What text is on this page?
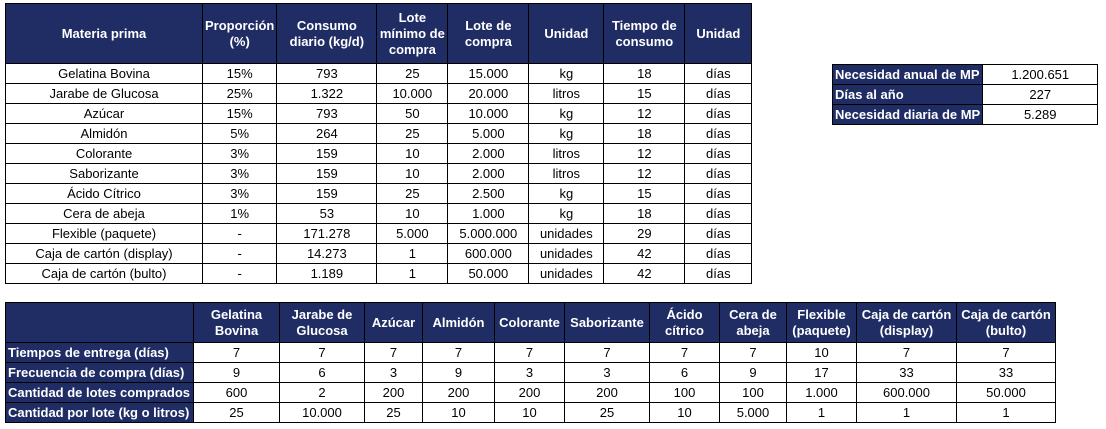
Materia prima	Proporción (%)	Consumo diario (kg/d)	Lote mínimo de compra	Lote de compra	Unidad	Tiempo de consumo	Unidad
Gelatina Bovina	15%	793	25	15.000	kg	18	días
Jarabe de Glucosa	25%	1.322	10.000	20.000	litros	15	días
Azúcar	15%	793	50	10.000	kg	12	días
Almidón	5%	264	25	5.000	kg	18	días
Colorante	3%	159	10	2.000	litros	12	días
Saborizante	3%	159	10	2.000	litros	12	días
Ácido Cítrico	3%	159	25	2.500	kg	15	días
Cera de abeja	1%	53	10	1.000	kg	18	días
Flexible (paquete)	-	171.278	5.000	5.000.000	unidades	29	días
Caja de cartón (display)	-	14.273	1	600.000	unidades	42	días
Caja de cartón (bulto)	-	1.189	1	50.000	unidades	42	días
Necesidad anual de MP	1.200.651
Días al año	227
Necesidad diaria de MP	5.289
	Gelatina Bovina	Jarabe de Glucosa	Azúcar	Almidón	Colorante	Saborizante	Ácido cítrico	Cera de abeja	Flexible (paquete)	Caja de cartón (display)	Caja de cartón (bulto)
Tiempos de entrega (días)	7	7	7	7	7	7	7	7	10	7	7
Frecuencia de compra (días)	9	6	3	9	3	3	6	9	17	33	33
Cantidad de lotes comprados	600	2	200	200	200	200	100	100	1.000	600.000	50.000
Cantidad por lote (kg o litros)	25	10.000	25	10	10	25	10	5.000	1	1	1
